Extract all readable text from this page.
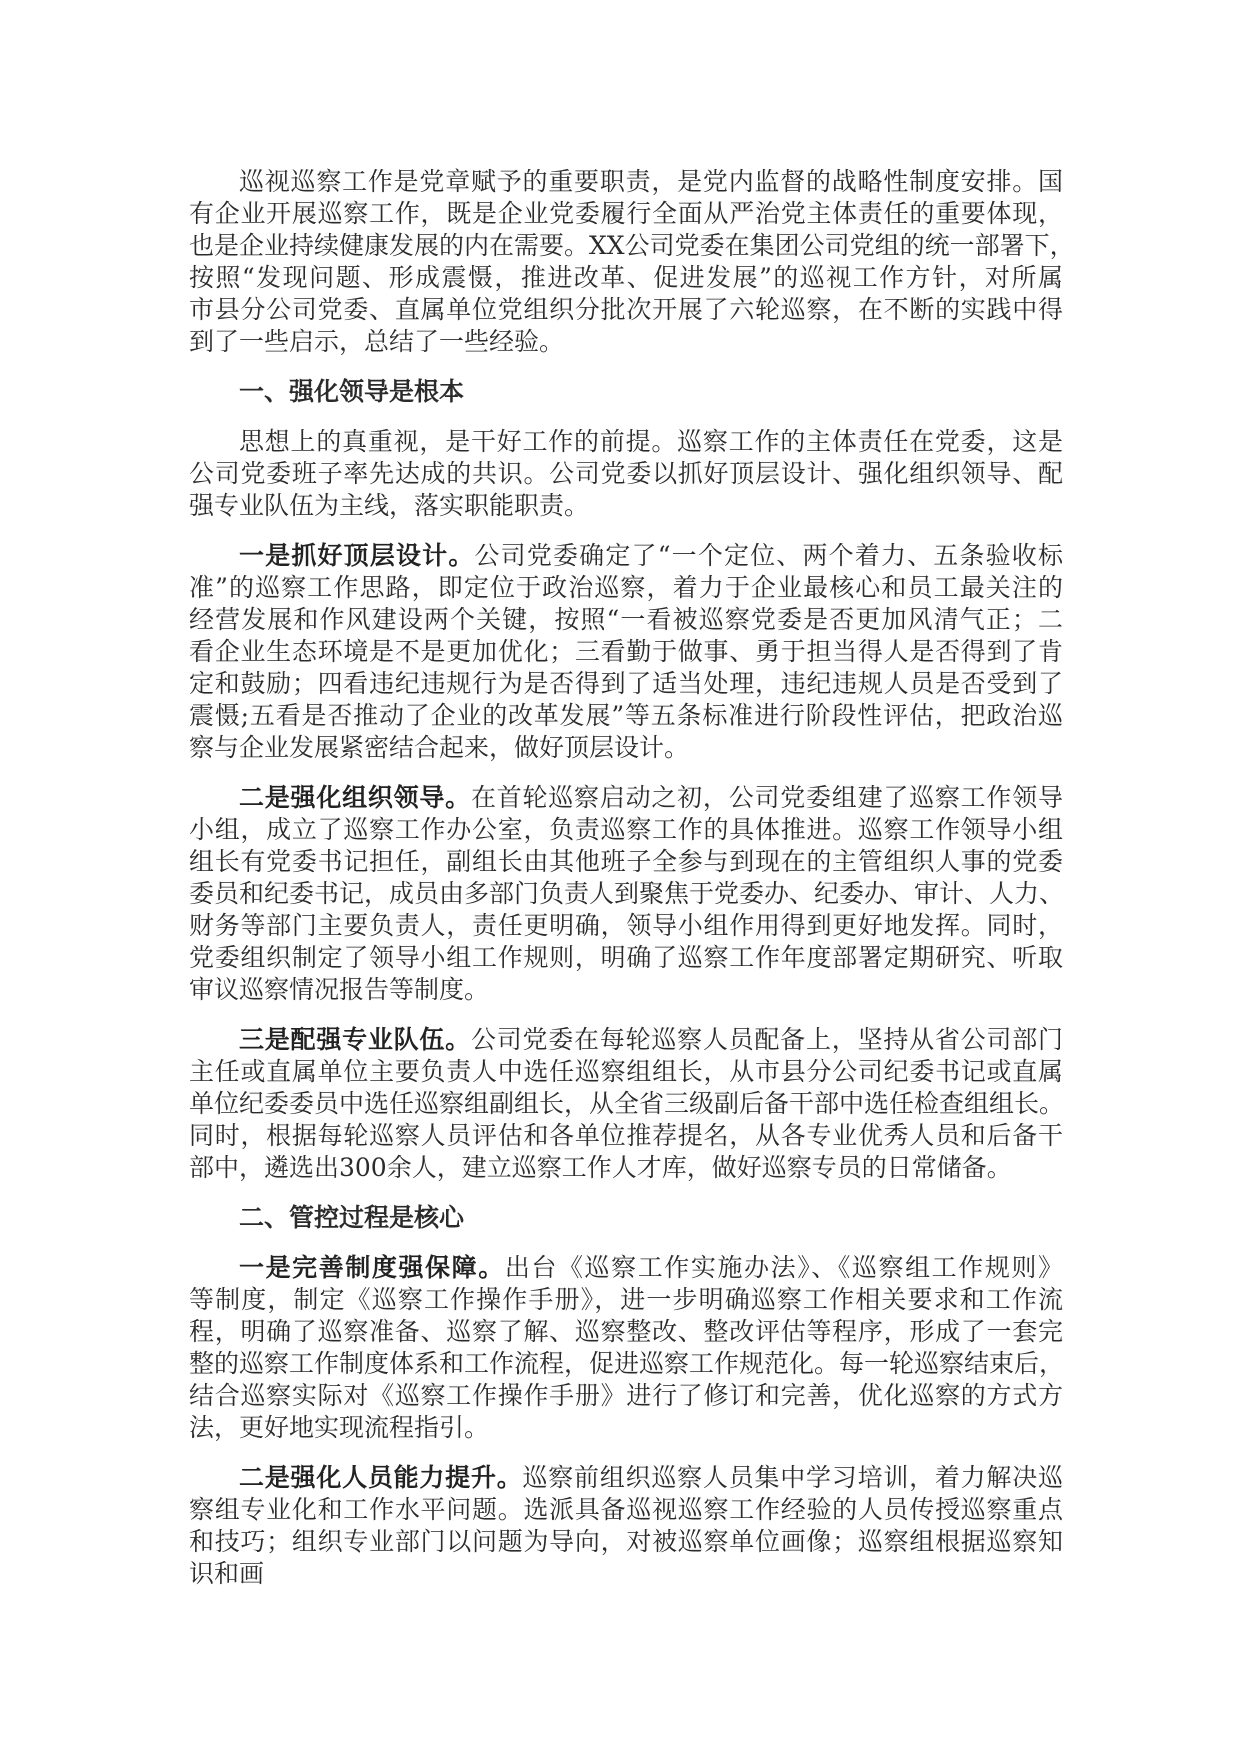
巡视巡察工作是党章赋予的重要职责，是党内监督的战略性制度安排。国
有企业开展巡察工作，既是企业党委履行全面从严治党主体责任的重要体现，
也是企业持续健康发展的内在需要。XX公司党委在集团公司党组的统一部署下，
按照“发现问题、形成震慑，推进改革、促进发展”的巡视工作方针，对所属
市县分公司党委、直属单位党组织分批次开展了六轮巡察，在不断的实践中得
到了一些启示，总结了一些经验。
一、强化领导是根本
思想上的真重视，是干好工作的前提。巡察工作的主体责任在党委，这是
公司党委班子率先达成的共识。公司党委以抓好顶层设计、强化组织领导、配
强专业队伍为主线，落实职能职责。
一是抓好顶层设计。公司党委确定了“一个定位、两个着力、五条验收标
准”的巡察工作思路，即定位于政治巡察，着力于企业最核心和员工最关注的
经营发展和作风建设两个关键，按照“一看被巡察党委是否更加风清气正；二
看企业生态环境是不是更加优化；三看勤于做事、勇于担当得人是否得到了肯
定和鼓励；四看违纪违规行为是否得到了适当处理，违纪违规人员是否受到了
震慑;五看是否推动了企业的改革发展”等五条标准进行阶段性评估，把政治巡
察与企业发展紧密结合起来，做好顶层设计。
二是强化组织领导。在首轮巡察启动之初，公司党委组建了巡察工作领导
小组，成立了巡察工作办公室，负责巡察工作的具体推进。巡察工作领导小组
组长有党委书记担任，副组长由其他班子全参与到现在的主管组织人事的党委
委员和纪委书记，成员由多部门负责人到聚焦于党委办、纪委办、审计、人力、
财务等部门主要负责人，责任更明确，领导小组作用得到更好地发挥。同时，
党委组织制定了领导小组工作规则，明确了巡察工作年度部署定期研究、听取
审议巡察情况报告等制度。
三是配强专业队伍。公司党委在每轮巡察人员配备上，坚持从省公司部门
主任或直属单位主要负责人中选任巡察组组长，从市县分公司纪委书记或直属
单位纪委委员中选任巡察组副组长，从全省三级副后备干部中选任检查组组长。
同时，根据每轮巡察人员评估和各单位推荐提名，从各专业优秀人员和后备干
部中，遴选出300余人，建立巡察工作人才库，做好巡察专员的日常储备。
二、管控过程是核心
一是完善制度强保障。出台《巡察工作实施办法》、《巡察组工作规则》
等制度，制定《巡察工作操作手册》，进一步明确巡察工作相关要求和工作流
程，明确了巡察准备、巡察了解、巡察整改、整改评估等程序，形成了一套完
整的巡察工作制度体系和工作流程，促进巡察工作规范化。每一轮巡察结束后，
结合巡察实际对《巡察工作操作手册》进行了修订和完善，优化巡察的方式方
法，更好地实现流程指引。
二是强化人员能力提升。巡察前组织巡察人员集中学习培训，着力解决巡
察组专业化和工作水平问题。选派具备巡视巡察工作经验的人员传授巡察重点
和技巧；组织专业部门以问题为导向，对被巡察单位画像；巡察组根据巡察知
识和画
